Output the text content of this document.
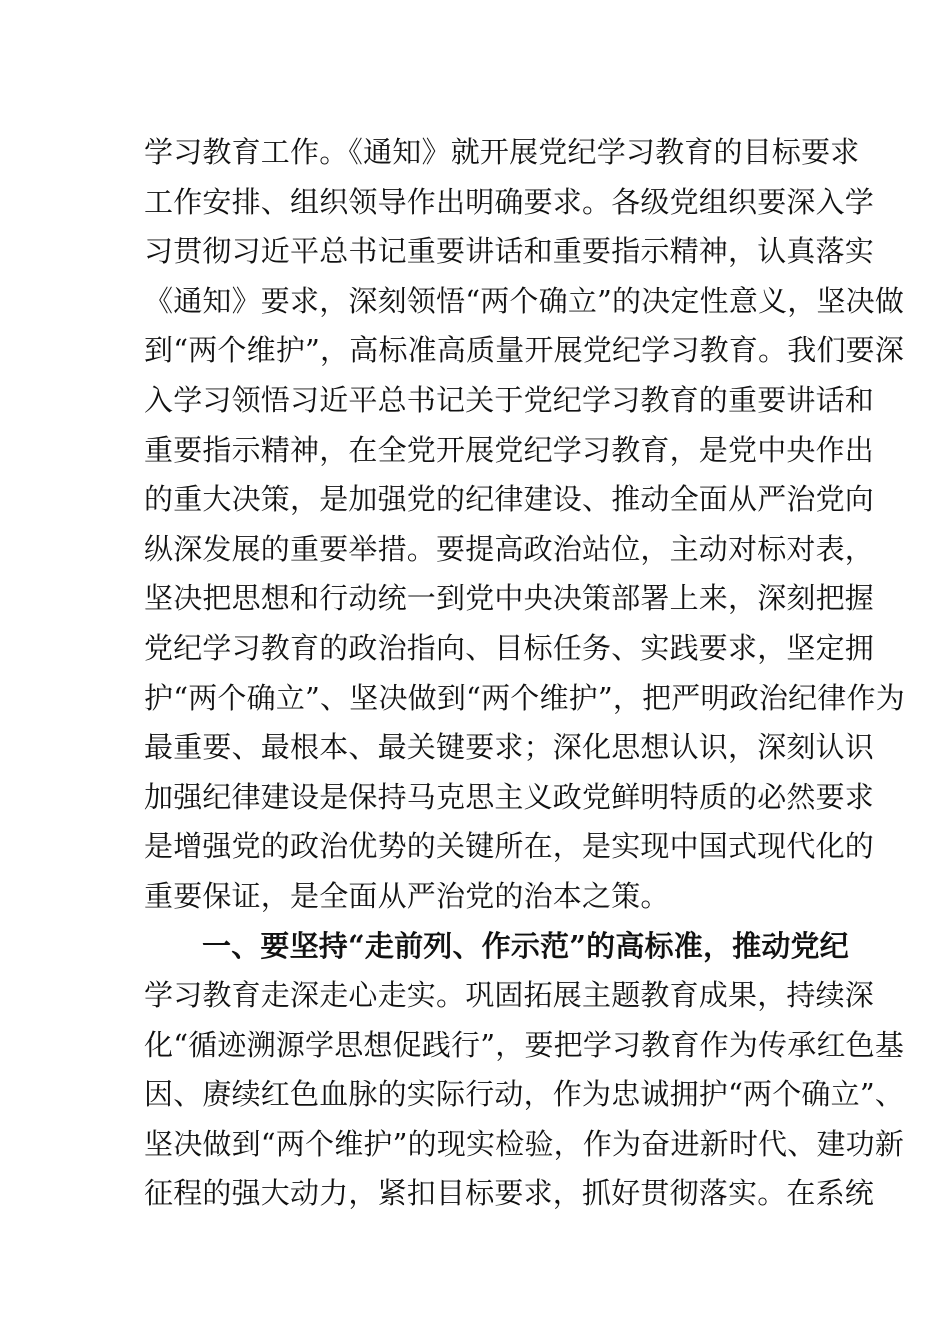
学习教育工作。《通知》就开展党纪学习教育的目标要求
工作安排、组织领导作出明确要求。各级党组织要深入学
习贯彻习近平总书记重要讲话和重要指示精神，认真落实
《通知》要求，深刻领悟“两个确立”的决定性意义，坚决做
到“两个维护”，高标准高质量开展党纪学习教育。我们要深
入学习领悟习近平总书记关于党纪学习教育的重要讲话和
重要指示精神，在全党开展党纪学习教育，是党中央作出
的重大决策，是加强党的纪律建设、推动全面从严治党向
纵深发展的重要举措。要提高政治站位，主动对标对表，
坚决把思想和行动统一到党中央决策部署上来，深刻把握
党纪学习教育的政治指向、目标任务、实践要求，坚定拥
护“两个确立”、坚决做到“两个维护”，把严明政治纪律作为
最重要、最根本、最关键要求；深化思想认识，深刻认识
加强纪律建设是保持马克思主义政党鲜明特质的必然要求
是增强党的政治优势的关键所在，是实现中国式现代化的
重要保证，是全面从严治党的治本之策。
一、要坚持“走前列、作示范”的高标准，推动党纪
学习教育走深走心走实。巩固拓展主题教育成果，持续深
化“循迹溯源学思想促践行”，要把学习教育作为传承红色基
因、赓续红色血脉的实际行动，作为忠诚拥护“两个确立”、
坚决做到“两个维护”的现实检验，作为奋进新时代、建功新
征程的强大动力，紧扣目标要求，抓好贯彻落实。在系统
